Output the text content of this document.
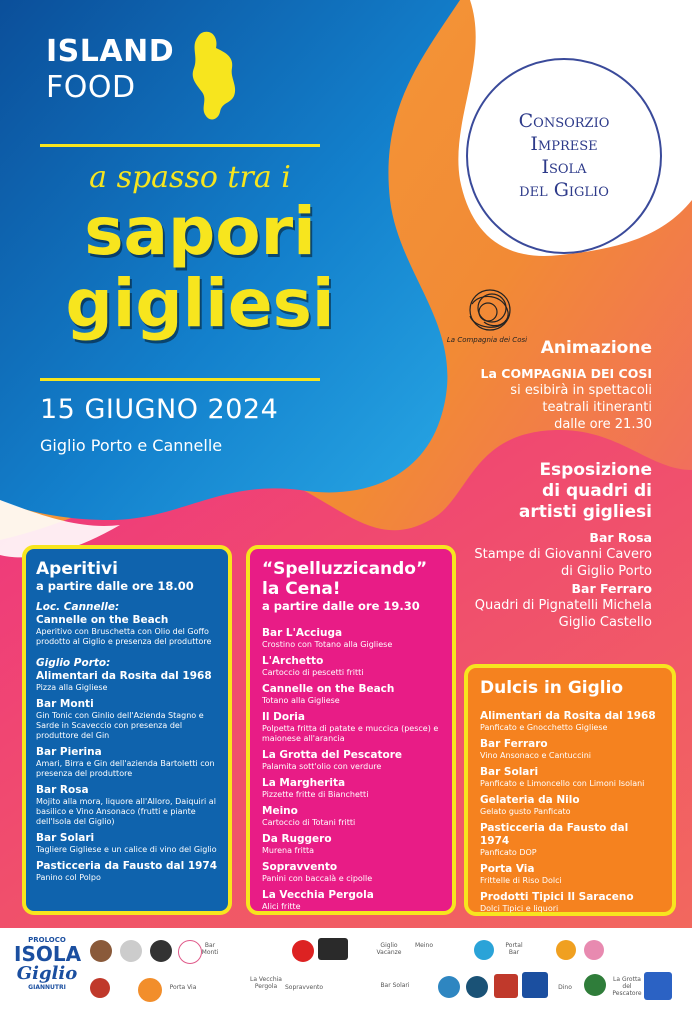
ISLAND
FOOD
a spasso tra i
sapori
gigliesi
15 GIUGNO 2024
Giglio Porto e Cannelle
Consorzio
Imprese
Isola
del Giglio
La Compagnia dei Cosi Animazione
La COMPAGNIA DEI COSI
si esibirà in spettacoli
teatrali itineranti
dalle ore 21.30
Esposizione
di quadri di
artisti gigliesi
Bar Rosa
Stampe di Giovanni Cavero
di Giglio Porto
Bar Ferraro
Quadri di Pignatelli Michela
Giglio Castello
Aperitivi
a partire dalle ore 18.00
Loc. Cannelle:
Cannelle on the Beach
Aperitivo con Bruschetta con Olio del Goffo prodotto al Giglio e presenza del produttore
Giglio Porto:
Alimentari da Rosita dal 1968
Pizza alla Gigliese
Bar Monti
Gin Tonic con Ginlio dell'Azienda Stagno e Sarde in Scaveccio con presenza del produttore del Gin
Bar Pierina
Amari, Birra e Gin dell'azienda Bartoletti con presenza del produttore
Bar Rosa
Mojito alla mora, liquore all'Alloro, Daiquiri al basilico e Vino Ansonaco (frutti e piante dell'Isola del Giglio)
Bar Solari
Tagliere Gigliese e un calice di vino del Giglio
Pasticceria da Fausto dal 1974
Panino col Polpo
“Spelluzzicando”
la Cena!
a partire dalle ore 19.30
Bar L'Acciuga
Crostino con Totano alla Gigliese
L'Archetto
Cartoccio di pescetti fritti
Cannelle on the Beach
Totano alla Gigliese
Il Doria
Polpetta fritta di patate e muccica (pesce) e maionese all'arancia
La Grotta del Pescatore
Palamita sott'olio con verdure
La Margherita
Pizzette fritte di Bianchetti
Meino
Cartoccio di Totani fritti
Da Ruggero
Murena fritta
Sopravvento
Panini con baccalà e cipolle
La Vecchia Pergola
Alici fritte
Dulcis in Giglio
Alimentari da Rosita dal 1968
Panficato e Gnocchetto Gigliese
Bar Ferraro
Vino Ansonaco e Cantuccini
Bar Solari
Panficato e Limoncello con Limoni Isolani
Gelateria da Nilo
Gelato gusto Panficato
Pasticceria da Fausto dal 1974
Panficato DOP
Porta Via
Frittelle di Riso Dolci
Prodotti Tipici Il Saraceno
Dolci Tipici e liquori
PROLOCO
ISOLA
Giglio
GIANNUTRI
La Vecchia Pergola
Porta Via	Sopravvento
Bar Monti
Giglio Vacanze
Portal Bar
La Grotta del Pescatore
Meino
Bar Solari	Dino
